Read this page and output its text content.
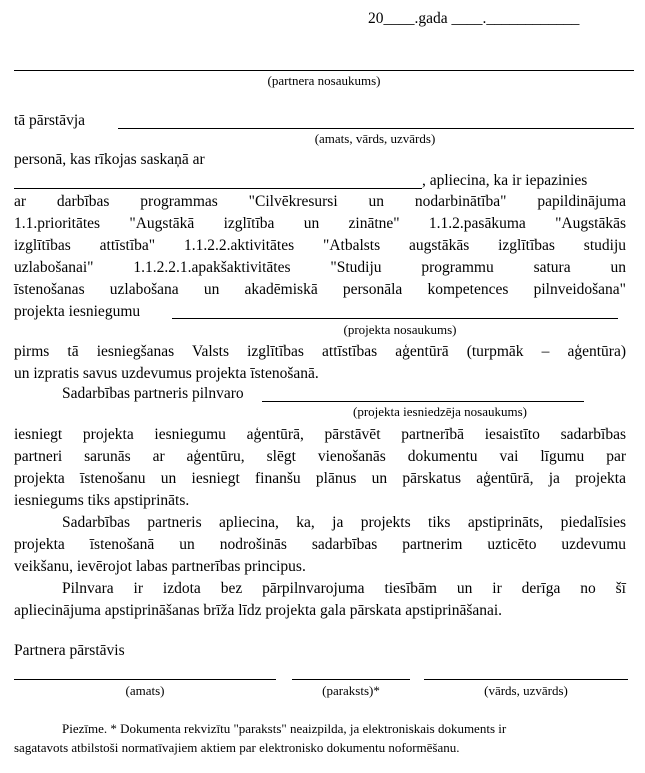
20____.gada ____.____________
(partnera nosaukums)
tā pārstāvja
(amats, vārds, uzvārds)
personā, kas rīkojas saskaņā ar
, apliecina, ka ir iepazinies
ar darbības programmas "Cilvēkresursi un nodarbinātība" papildinājuma
1.1.prioritātes "Augstākā izglītība un zinātne" 1.1.2.pasākuma "Augstākās
izglītības attīstība" 1.1.2.2.aktivitātes "Atbalsts augstākās izglītības studiju
uzlabošanai" 1.1.2.2.1.apakšaktivitātes "Studiju programmu satura un
īstenošanas uzlabošana un akadēmiskā personāla kompetences pilnveidošana"
projekta iesniegumu
(projekta nosaukums)
pirms tā iesniegšanas Valsts izglītības attīstības aģentūrā (turpmāk – aģentūra)
un izpratis savus uzdevumus projekta īstenošanā.
Sadarbības partneris pilnvaro
(projekta iesniedzēja nosaukums)
iesniegt projekta iesniegumu aģentūrā, pārstāvēt partnerībā iesaistīto sadarbības
partneri sarunās ar aģentūru, slēgt vienošanās dokumentu vai līgumu par
projekta īstenošanu un iesniegt finanšu plānus un pārskatus aģentūrā, ja projekta
iesniegums tiks apstiprināts.
Sadarbības partneris apliecina, ka, ja projekts tiks apstiprināts, piedalīsies
projekta īstenošanā un nodrošinās sadarbības partnerim uzticēto uzdevumu
veikšanu, ievērojot labas partnerības principus.
Pilnvara ir izdota bez pārpilnvarojuma tiesībām un ir derīga no šī
apliecinājuma apstiprināšanas brīža līdz projekta gala pārskata apstiprināšanai.
Partnera pārstāvis
(amats)	(paraksts)*	(vārds, uzvārds)
Piezīme. * Dokumenta rekvizītu "paraksts" neaizpilda, ja elektroniskais dokuments ir
sagatavots atbilstoši normatīvajiem aktiem par elektronisko dokumentu noformēšanu.
